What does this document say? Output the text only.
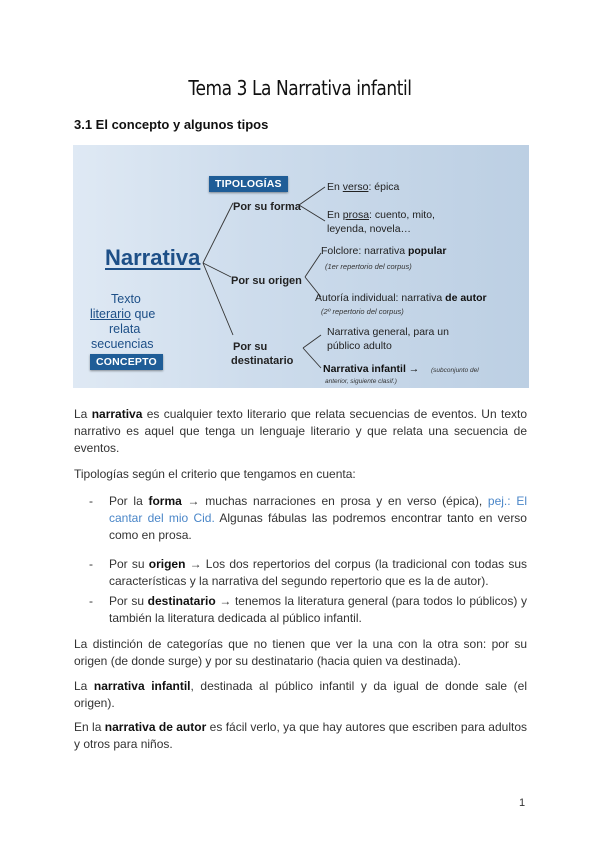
Tema 3 La Narrativa infantil
3.1 El concepto y algunos tipos
TIPOLOGÍAS
Por su forma
Por su origen
Por su
destinatario
Narrativa
Texto
literario que
relata
secuencias
CONCEPTO
En verso: épica
En prosa: cuento, mito,
leyenda, novela…
Folclore: narrativa popular
(1er repertorio del corpus)
Autoría individual: narrativa de autor
(2º repertorio del corpus)
Narrativa general, para un
público adulto
Narrativa infantil → (subconjunto del
anterior, siguiente clasif.)

La narrativa es cualquier texto literario que relata secuencias de eventos. Un texto narrativo es aquel que tenga un lenguaje literario y que relata una secuencia de eventos.

Tipologías según el criterio que tengamos en cuenta:

- Por la forma → muchas narraciones en prosa y en verso (épica), pej.: El cantar del mio Cid. Algunas fábulas las podremos encontrar tanto en verso como en prosa.
- Por su origen → Los dos repertorios del corpus (la tradicional con todas sus características y la narrativa del segundo repertorio que es la de autor).
- Por su destinatario → tenemos la literatura general (para todos lo públicos) y también la literatura dedicada al público infantil.

La distinción de categorías que no tienen que ver la una con la otra son: por su origen (de donde surge) y por su destinatario (hacia quien va destinada).

La narrativa infantil, destinada al público infantil y da igual de donde sale (el origen).

En la narrativa de autor es fácil verlo, ya que hay autores que escriben para adultos y otros para niños.

1
